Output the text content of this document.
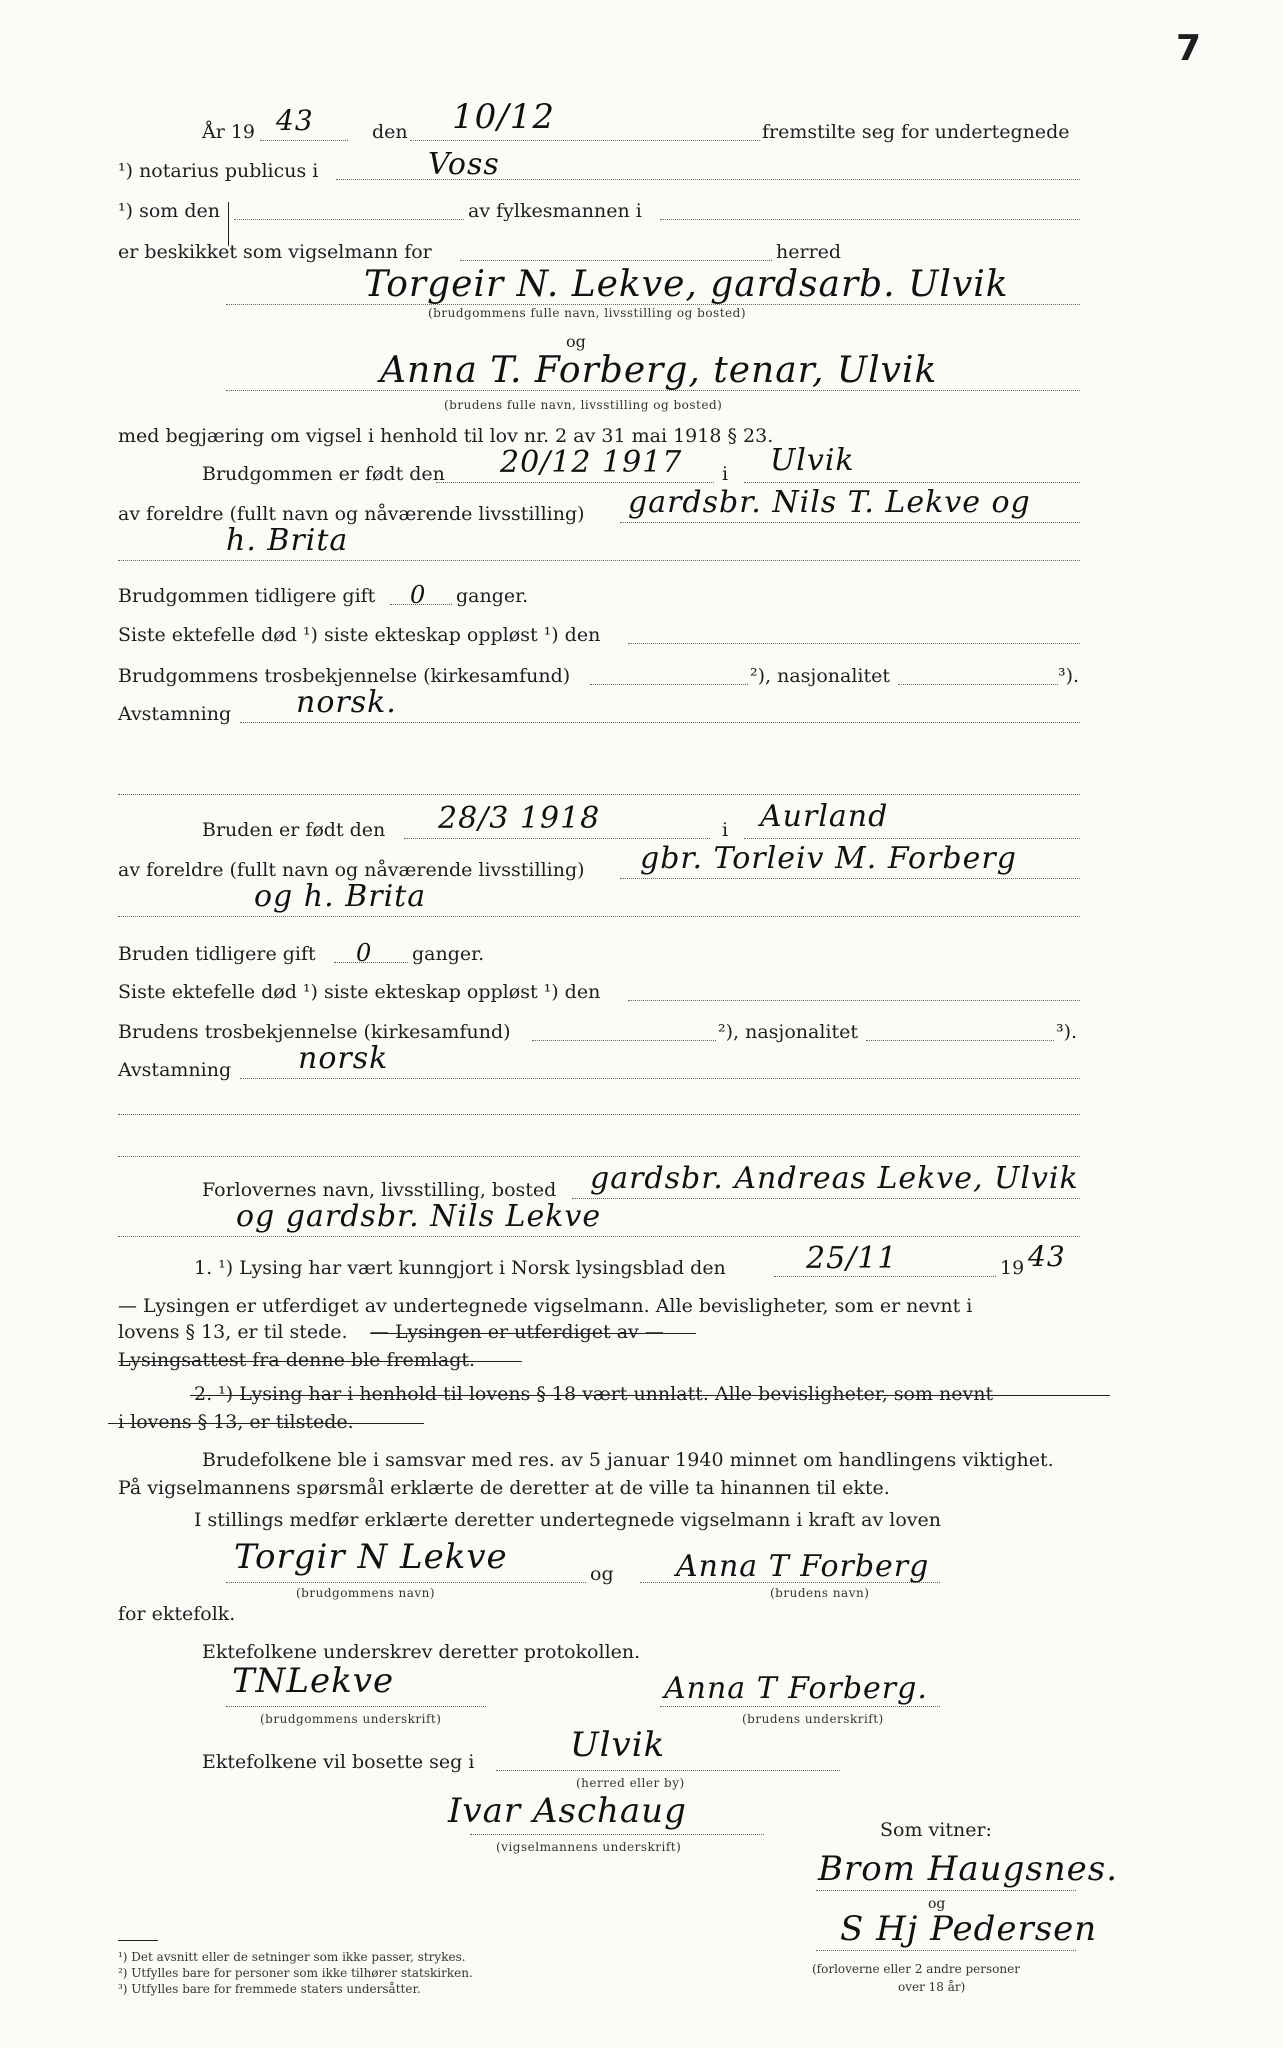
7
År 19 43	den 10/12	fremstilte seg for undertegnede
¹) notarius publicus i	Voss
¹) som den	av fylkesmannen i
er beskikket som vigselmann for	herred
Torgeir N. Lekve, gardsarb. Ulvik
(brudgommens fulle navn, livsstilling og bosted)
og
Anna T. Forberg, tenar, Ulvik
(brudens fulle navn, livsstilling og bosted)
med begjæring om vigsel i henhold til lov nr. 2 av 31 mai 1918 § 23.
Brudgommen er født den 20/12 1917 i Ulvik
av foreldre (fullt navn og nåværende livsstilling) gardsbr. Nils T. Lekve og
h. Brita
Brudgommen tidligere gift 0 ganger.
Siste ektefelle død ¹) siste ekteskap oppløst ¹) den
Brudgommens trosbekjennelse (kirkesamfund)	²), nasjonalitet	³).
Avstamning norsk.
Bruden er født den 28/3 1918	i Aurland
av foreldre (fullt navn og nåværende livsstilling) gbr. Torleiv M. Forberg
og h. Brita
Bruden tidligere gift 0 ganger.
Siste ektefelle død ¹) siste ekteskap oppløst ¹) den
Brudens trosbekjennelse (kirkesamfund)	²), nasjonalitet	³).
Avstamning norsk
Forlovernes navn, livsstilling, bosted gardsbr. Andreas Lekve, Ulvik
og gardsbr. Nils Lekve
1. ¹) Lysing har vært kunngjort i Norsk lysingsblad den	25/11	19 43
— Lysingen er utferdiget av undertegnede vigselmann. Alle bevisligheter, som er nevnt i
lovens § 13, er til stede. — Lysingen er utferdiget av —
Lysingsattest fra denne ble fremlagt.
2. ¹) Lysing har i henhold til lovens § 18 vært unnlatt. Alle bevisligheter, som nevnt
i lovens § 13, er tilstede.
Brudefolkene ble i samsvar med res. av 5 januar 1940 minnet om handlingens viktighet.
På vigselmannens spørsmål erklærte de deretter at de ville ta hinannen til ekte.
I stillings medfør erklærte deretter undertegnede vigselmann i kraft av loven
Torgir N Lekve	og Anna T Forberg
(brudgommens navn)	(brudens navn)
for ektefolk.
Ektefolkene underskrev deretter protokollen.
TNLekve
(brudgommens underskrift)
Anna T Forberg.
(brudens underskrift)
Ektefolkene vil bosette seg i	Ulvik
(herred eller by)
Ivar Aschaug
(vigselmannens underskrift)
Som vitner:
Brom Haugsnes.
og
S Hj Pedersen
(forloverne eller 2 andre personer
over 18 år)
¹) Det avsnitt eller de setninger som ikke passer, strykes.
²) Utfylles bare for personer som ikke tilhører statskirken.
³) Utfylles bare for fremmede staters undersåtter.
